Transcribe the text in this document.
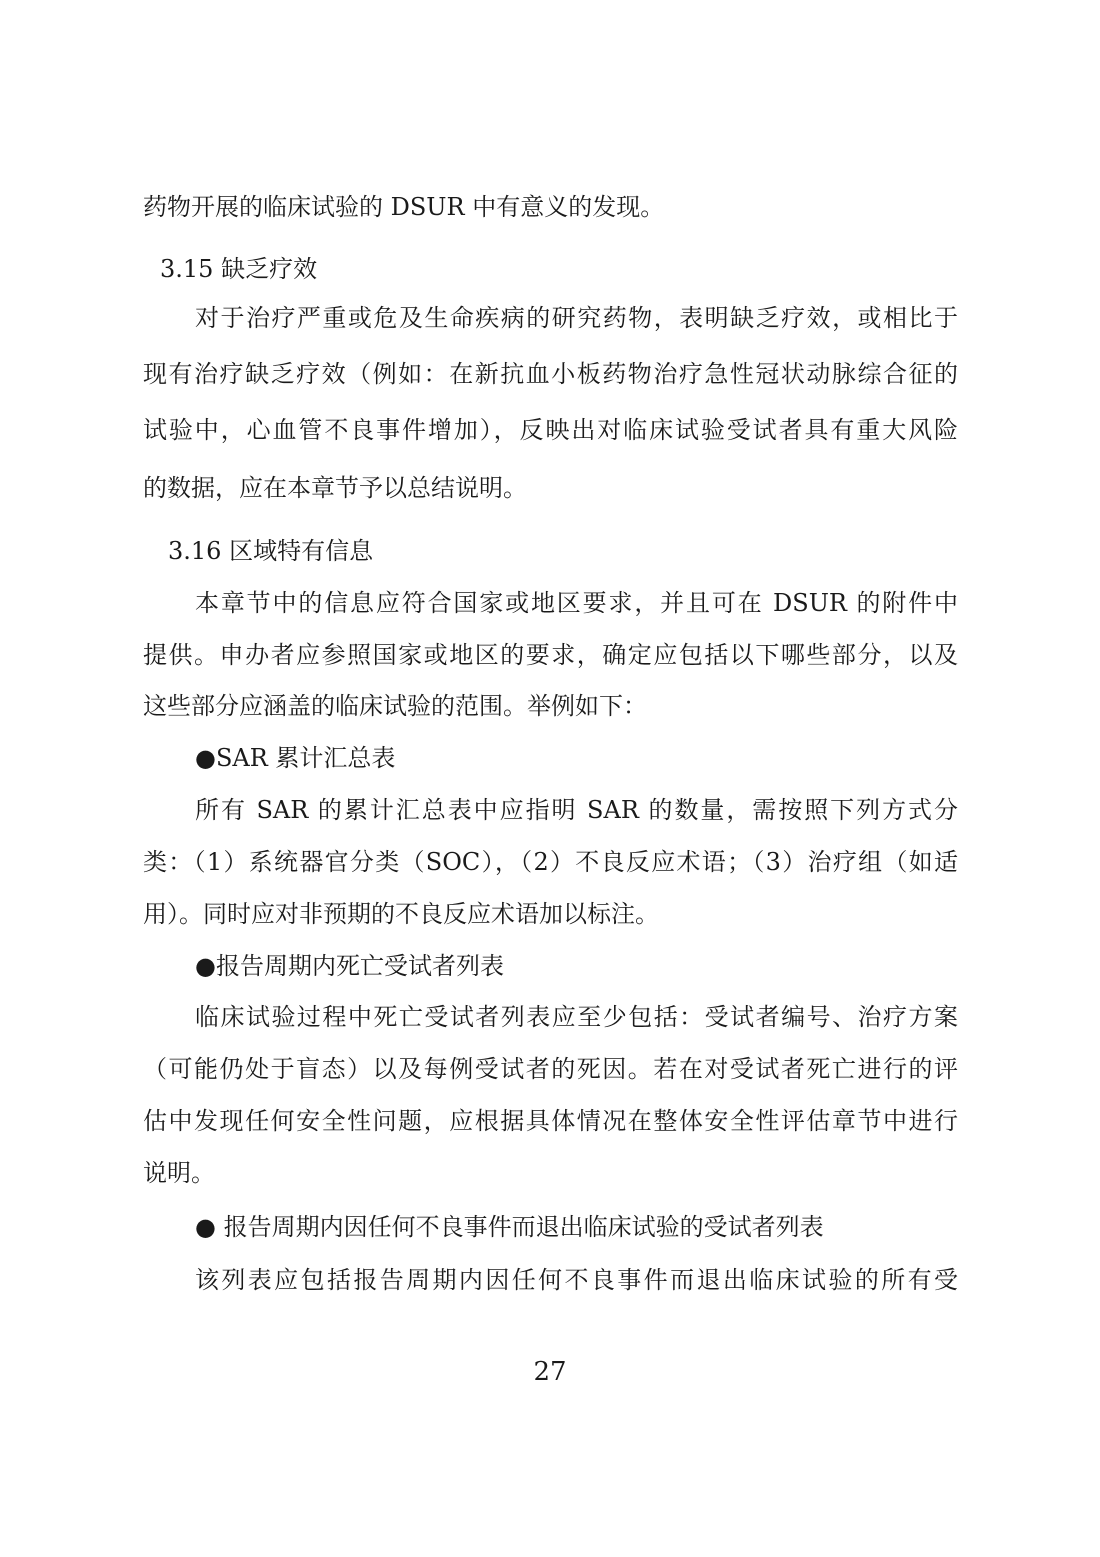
药物开展的临床试验的 DSUR 中有意义的发现。

3.15 缺乏疗效

对于治疗严重或危及生命疾病的研究药物，表明缺乏疗效，或相比于

现有治疗缺乏疗效（例如：在新抗血小板药物治疗急性冠状动脉综合征的

试验中，心血管不良事件增加），反映出对临床试验受试者具有重大风险

的数据，应在本章节予以总结说明。

3.16 区域特有信息

本章节中的信息应符合国家或地区要求，并且可在 DSUR 的附件中

提供。申办者应参照国家或地区的要求，确定应包括以下哪些部分，以及

这些部分应涵盖的临床试验的范围。举例如下：

●SAR 累计汇总表

所有 SAR 的累计汇总表中应指明 SAR 的数量，需按照下列方式分

类：（1）系统器官分类（SOC），（2）不良反应术语；（3）治疗组（如适

用）。同时应对非预期的不良反应术语加以标注。

●报告周期内死亡受试者列表

临床试验过程中死亡受试者列表应至少包括：受试者编号、治疗方案

（可能仍处于盲态）以及每例受试者的死因。若在对受试者死亡进行的评

估中发现任何安全性问题，应根据具体情况在整体安全性评估章节中进行

说明。

● 报告周期内因任何不良事件而退出临床试验的受试者列表

该列表应包括报告周期内因任何不良事件而退出临床试验的所有受

27
